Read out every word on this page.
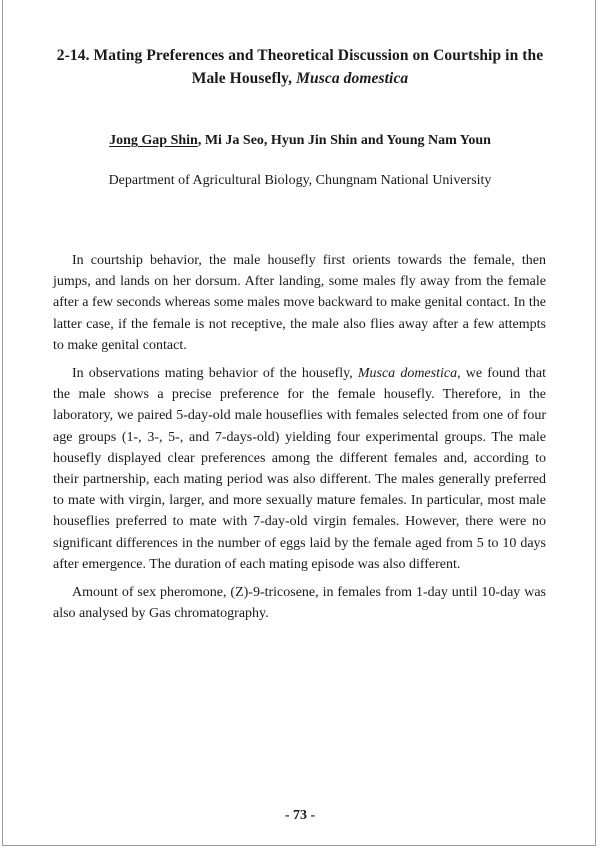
2-14. Mating Preferences and Theoretical Discussion on Courtship in the Male Housefly, Musca domestica
Jong Gap Shin, Mi Ja Seo, Hyun Jin Shin and Young Nam Youn
Department of Agricultural Biology, Chungnam National University

In courtship behavior, the male housefly first orients towards the female, then jumps, and lands on her dorsum. After landing, some males fly away from the female after a few seconds whereas some males move backward to make genital contact. In the latter case, if the female is not receptive, the male also flies away after a few attempts to make genital contact.

In observations mating behavior of the housefly, Musca domestica, we found that the male shows a precise preference for the female housefly. Therefore, in the laboratory, we paired 5-day-old male houseflies with females selected from one of four age groups (1-, 3-, 5-, and 7-days-old) yielding four experimental groups. The male housefly displayed clear preferences among the different females and, according to their partnership, each mating period was also different. The males generally preferred to mate with virgin, larger, and more sexually mature females. In particular, most male houseflies preferred to mate with 7-day-old virgin females. However, there were no significant differences in the number of eggs laid by the female aged from 5 to 10 days after emergence. The duration of each mating episode was also different.

Amount of sex pheromone, (Z)-9-tricosene, in females from 1-day until 10-day was also analysed by Gas chromatography.

- 73 -
